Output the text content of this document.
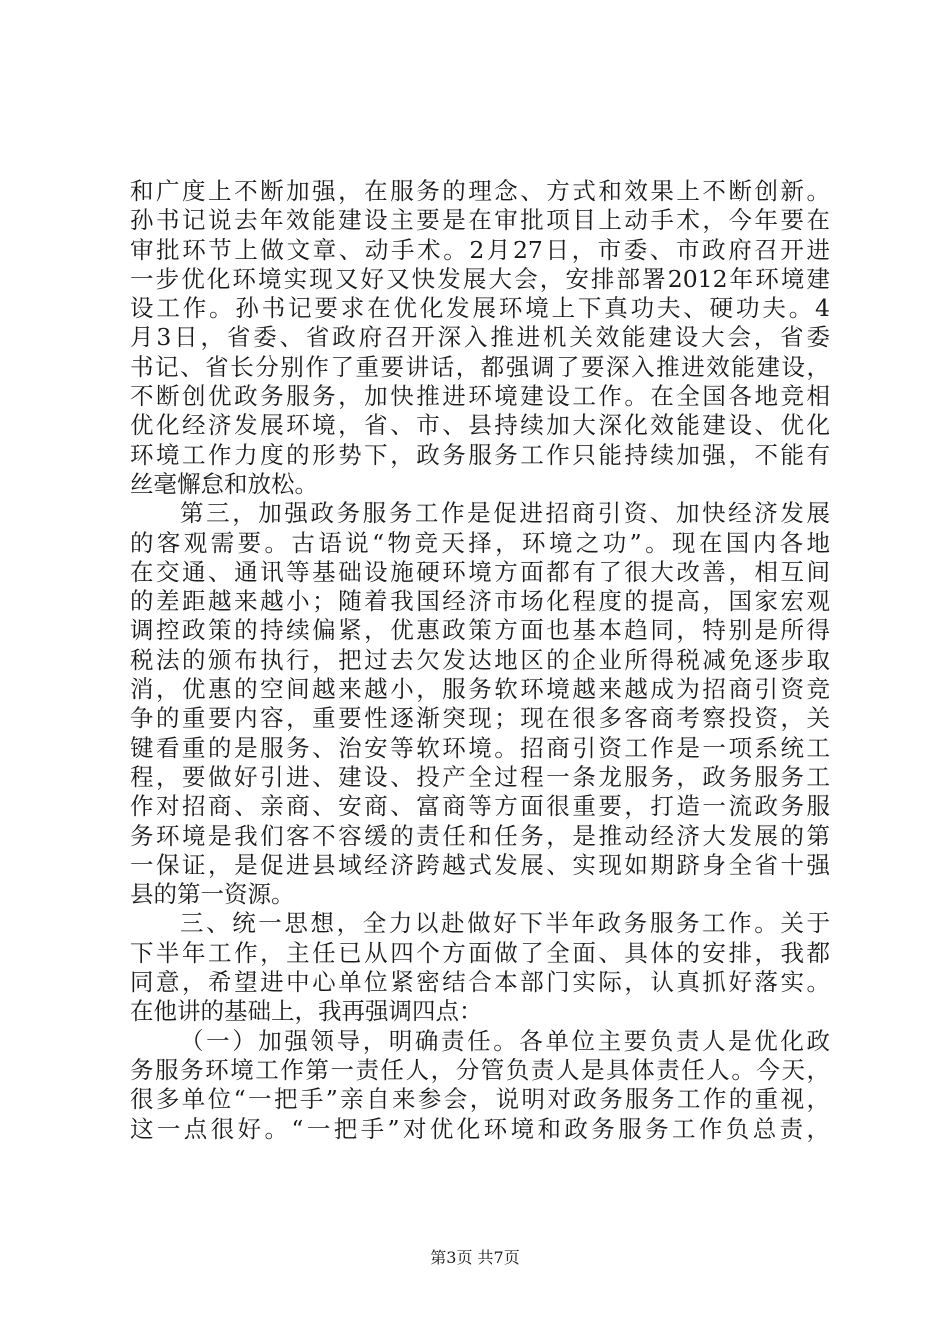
和广度上不断加强，在服务的理念、方式和效果上不断创新。
孙书记说去年效能建设主要是在审批项目上动手术，今年要在
审批环节上做文章、动手术。2月27日，市委、市政府召开进
一步优化环境实现又好又快发展大会，安排部署2012年环境建
设工作。孙书记要求在优化发展环境上下真功夫、硬功夫。4
月3日，省委、省政府召开深入推进机关效能建设大会，省委
书记、省长分别作了重要讲话，都强调了要深入推进效能建设，
不断创优政务服务，加快推进环境建设工作。在全国各地竞相
优化经济发展环境，省、市、县持续加大深化效能建设、优化
环境工作力度的形势下，政务服务工作只能持续加强，不能有
丝毫懈怠和放松。
第三，加强政务服务工作是促进招商引资、加快经济发展
的客观需要。古语说“物竞天择，环境之功”。现在国内各地
在交通、通讯等基础设施硬环境方面都有了很大改善，相互间
的差距越来越小；随着我国经济市场化程度的提高，国家宏观
调控政策的持续偏紧，优惠政策方面也基本趋同，特别是所得
税法的颁布执行，把过去欠发达地区的企业所得税减免逐步取
消，优惠的空间越来越小，服务软环境越来越成为招商引资竞
争的重要内容，重要性逐渐突现；现在很多客商考察投资，关
键看重的是服务、治安等软环境。招商引资工作是一项系统工
程，要做好引进、建设、投产全过程一条龙服务，政务服务工
作对招商、亲商、安商、富商等方面很重要，打造一流政务服
务环境是我们客不容缓的责任和任务，是推动经济大发展的第
一保证，是促进县域经济跨越式发展、实现如期跻身全省十强
县的第一资源。
三、统一思想，全力以赴做好下半年政务服务工作。关于
下半年工作，主任已从四个方面做了全面、具体的安排，我都
同意，希望进中心单位紧密结合本部门实际，认真抓好落实。
在他讲的基础上，我再强调四点：
（一）加强领导，明确责任。各单位主要负责人是优化政
务服务环境工作第一责任人，分管负责人是具体责任人。今天，
很多单位“一把手”亲自来参会，说明对政务服务工作的重视，
这一点很好。“一把手”对优化环境和政务服务工作负总责，
第3页 共7页
